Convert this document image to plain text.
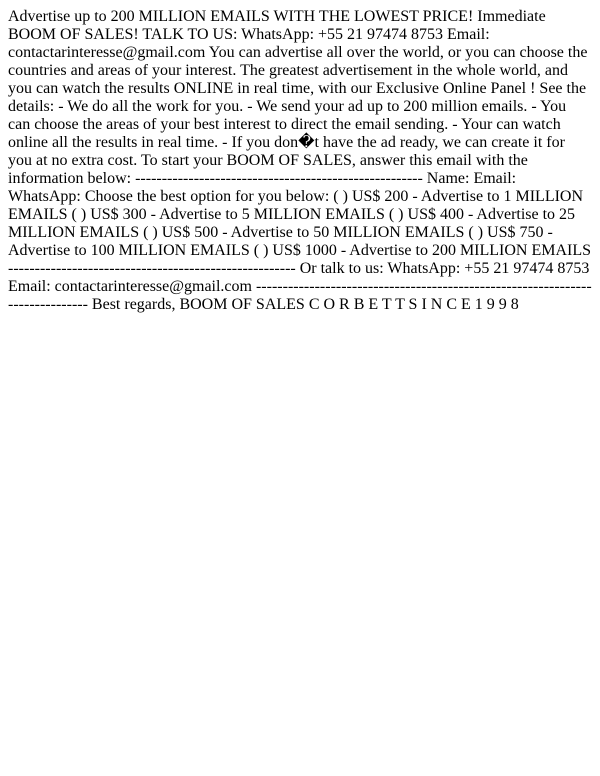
Advertise up to 200 MILLION EMAILS WITH THE LOWEST PRICE! Immediate BOOM OF SALES! TALK TO US: WhatsApp: +55 21 97474 8753 Email: contactarinteresse@gmail.com You can advertise all over the world, or you can choose the countries and areas of your interest. The greatest advertisement in the whole world, and you can watch the results ONLINE in real time, with our Exclusive Online Panel ! See the details: - We do all the work for you. - We send your ad up to 200 million emails. - You can choose the areas of your best interest to direct the email sending. - Your can watch online all the results in real time. - If you don�t have the ad ready, we can create it for you at no extra cost. To start your BOOM OF SALES, answer this email with the information below: ------------------------------------------------------ Name: Email: WhatsApp: Choose the best option for you below: ( ) US$ 200 - Advertise to 1 MILLION EMAILS ( ) US$ 300 - Advertise to 5 MILLION EMAILS ( ) US$ 400 - Advertise to 25 MILLION EMAILS ( ) US$ 500 - Advertise to 50 MILLION EMAILS ( ) US$ 750 - Advertise to 100 MILLION EMAILS ( ) US$ 1000 - Advertise to 200 MILLION EMAILS ------------------------------------------------------ Or talk to us: WhatsApp: +55 21 97474 8753 Email: contactarinteresse@gmail.com ------------------------------------------------------------------------------ Best regards, BOOM OF SALES C O R B E T T S I N C E 1 9 9 8
